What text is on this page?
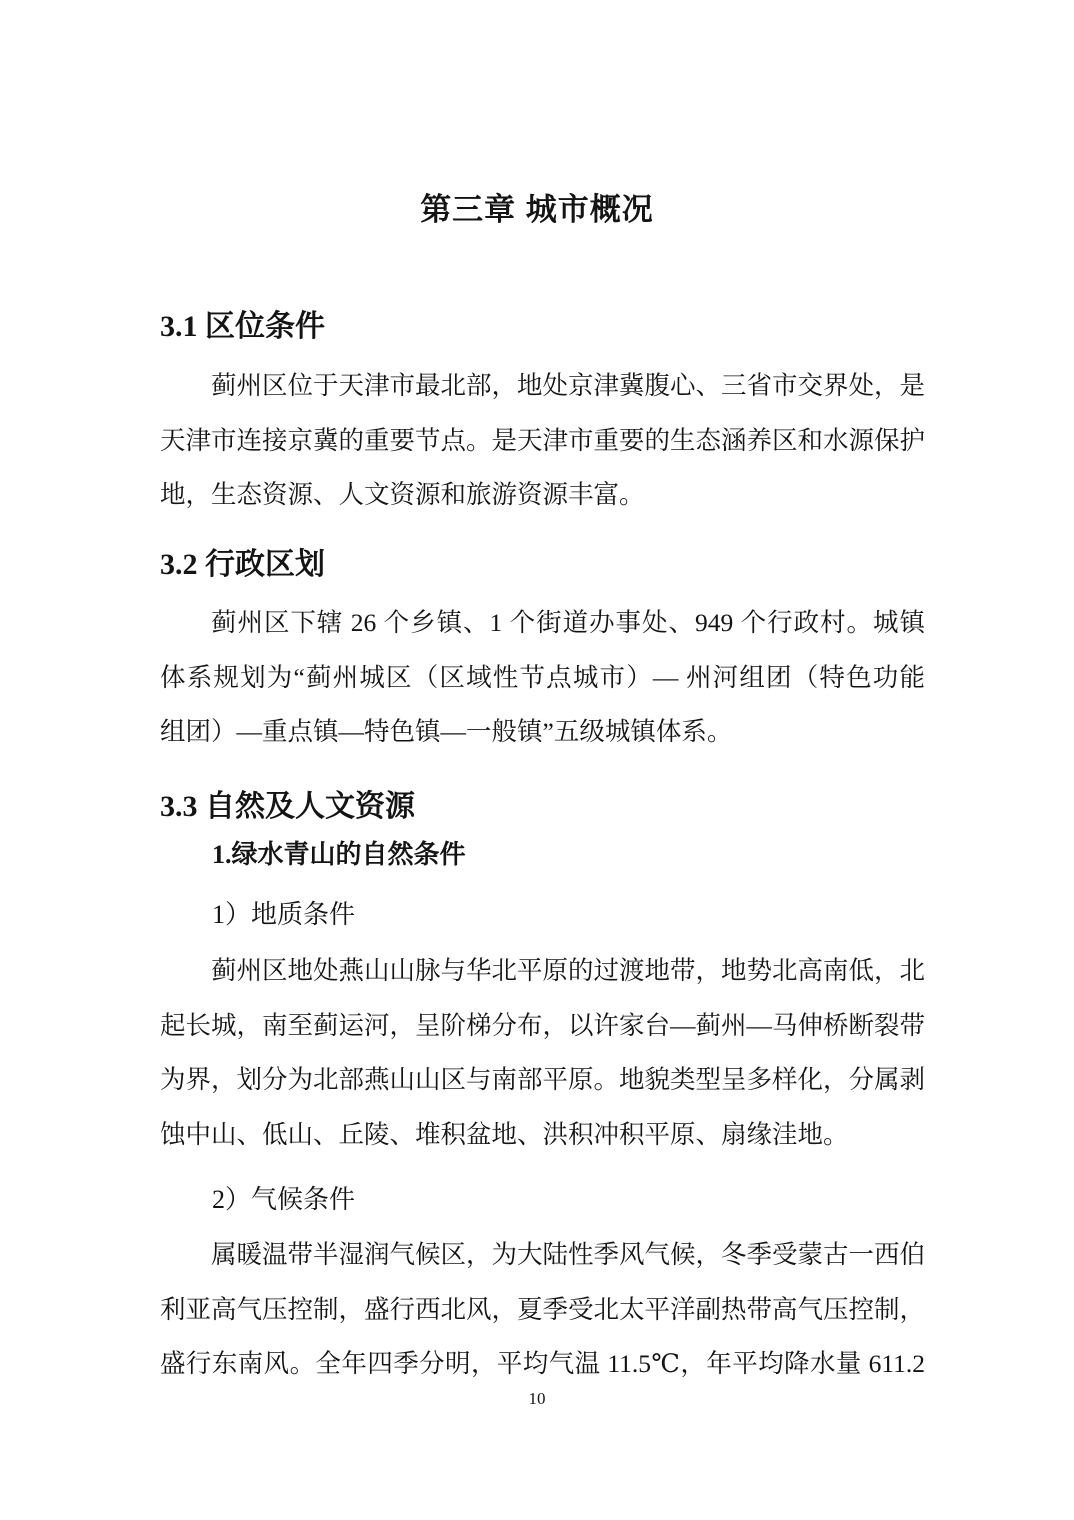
第三章 城市概况
3.1 区位条件
蓟州区位于天津市最北部，地处京津冀腹心、三省市交界处，是
天津市连接京冀的重要节点。是天津市重要的生态涵养区和水源保护
地，生态资源、人文资源和旅游资源丰富。
3.2 行政区划
蓟州区下辖 26 个乡镇、1 个街道办事处、949 个行政村。城镇
体系规划为“蓟州城区（区域性节点城市）— 州河组团（特色功能
组团）—重点镇—特色镇—一般镇”五级城镇体系。
3.3 自然及人文资源
1.绿水青山的自然条件
1）地质条件
蓟州区地处燕山山脉与华北平原的过渡地带，地势北高南低，北
起长城，南至蓟运河，呈阶梯分布，以许家台—蓟州—马伸桥断裂带
为界，划分为北部燕山山区与南部平原。地貌类型呈多样化，分属剥
蚀中山、低山、丘陵、堆积盆地、洪积冲积平原、扇缘洼地。
2）气候条件
属暖温带半湿润气候区，为大陆性季风气候，冬季受蒙古一西伯
利亚高气压控制，盛行西北风，夏季受北太平洋副热带高气压控制，
盛行东南风。全年四季分明，平均气温 11.5℃，年平均降水量 611.2
10
